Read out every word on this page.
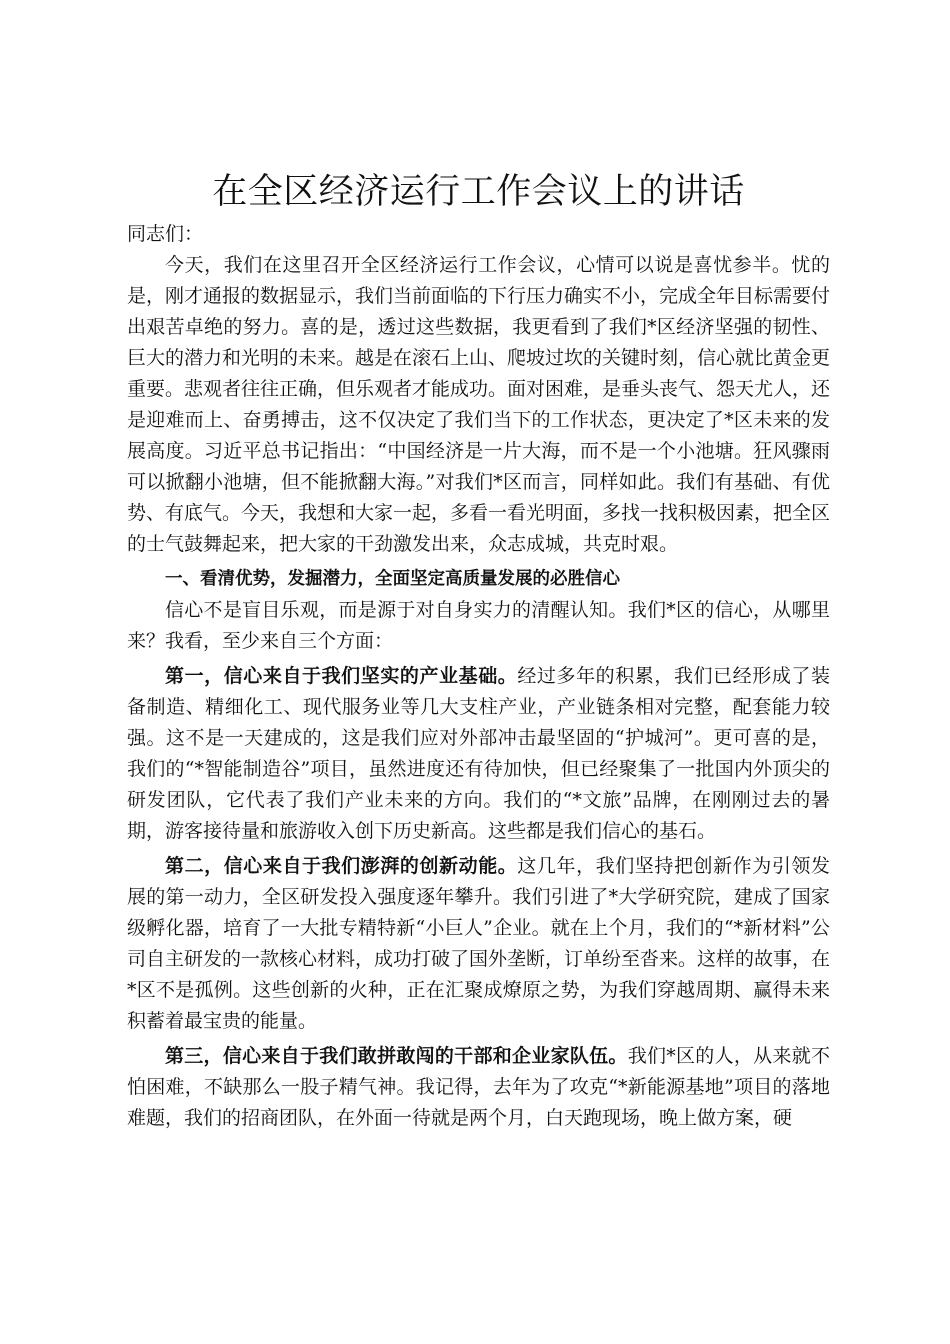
在全区经济运行工作会议上的讲话

同志们：

今天，我们在这里召开全区经济运行工作会议，心情可以说是喜忧参半。忧的是，刚才通报的数据显示，我们当前面临的下行压力确实不小，完成全年目标需要付出艰苦卓绝的努力。喜的是，透过这些数据，我更看到了我们*区经济坚强的韧性、巨大的潜力和光明的未来。越是在滚石上山、爬坡过坎的关键时刻，信心就比黄金更重要。悲观者往往正确，但乐观者才能成功。面对困难，是垂头丧气、怨天尤人，还是迎难而上、奋勇搏击，这不仅决定了我们当下的工作状态，更决定了*区未来的发展高度。习近平总书记指出：“中国经济是一片大海，而不是一个小池塘。狂风骤雨可以掀翻小池塘，但不能掀翻大海。”对我们*区而言，同样如此。我们有基础、有优势、有底气。今天，我想和大家一起，多看一看光明面，多找一找积极因素，把全区的士气鼓舞起来，把大家的干劲激发出来，众志成城，共克时艰。

一、看清优势，发掘潜力，全面坚定高质量发展的必胜信心

信心不是盲目乐观，而是源于对自身实力的清醒认知。我们*区的信心，从哪里来？我看，至少来自三个方面：

第一，信心来自于我们坚实的产业基础。经过多年的积累，我们已经形成了装备制造、精细化工、现代服务业等几大支柱产业，产业链条相对完整，配套能力较强。这不是一天建成的，这是我们应对外部冲击最坚固的“护城河”。更可喜的是，我们的“*智能制造谷”项目，虽然进度还有待加快，但已经聚集了一批国内外顶尖的研发团队，它代表了我们产业未来的方向。我们的“*文旅”品牌，在刚刚过去的暑期，游客接待量和旅游收入创下历史新高。这些都是我们信心的基石。

第二，信心来自于我们澎湃的创新动能。这几年，我们坚持把创新作为引领发展的第一动力，全区研发投入强度逐年攀升。我们引进了*大学研究院，建成了国家级孵化器，培育了一大批专精特新“小巨人”企业。就在上个月，我们的“*新材料”公司自主研发的一款核心材料，成功打破了国外垄断，订单纷至沓来。这样的故事，在*区不是孤例。这些创新的火种，正在汇聚成燎原之势，为我们穿越周期、赢得未来积蓄着最宝贵的能量。

第三，信心来自于我们敢拼敢闯的干部和企业家队伍。我们*区的人，从来就不怕困难，不缺那么一股子精气神。我记得，去年为了攻克“*新能源基地”项目的落地难题，我们的招商团队，在外面一待就是两个月，白天跑现场，晚上做方案，硬
